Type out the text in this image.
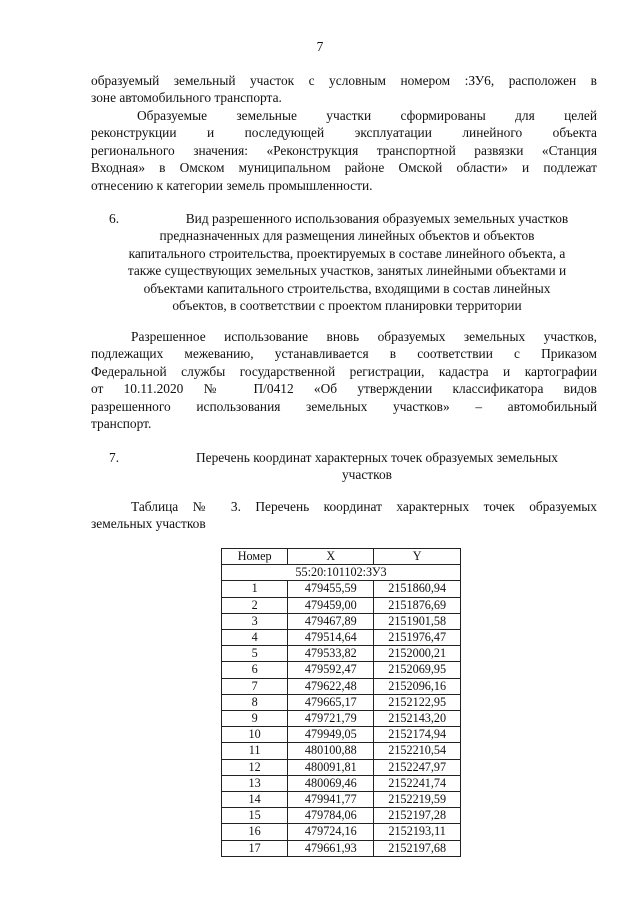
7

образуемый земельный участок с условным номером :ЗУ6, расположен в

зоне автомобильного транспорта.

Образуемые земельные участки сформированы для целей

реконструкции и последующей эксплуатации линейного объекта

регионального значения: «Реконструкция транспортной развязки «Станция

Входная» в Омском муниципальном районе Омской области» и подлежат

отнесению к категории земель промышленности.

6.	Вид разрешенного использования образуемых земельных участков
предназначенных для размещения линейных объектов и объектов
капитального строительства, проектируемых в составе линейного объекта, а
также существующих земельных участков, занятых линейными объектами и
объектами капитального строительства, входящими в состав линейных
объектов, в соответствии с проектом планировки территории

Разрешенное использование вновь образуемых земельных участков,

подлежащих межеванию, устанавливается в соответствии с Приказом

Федеральной службы государственной регистрации, кадастра и картографии

от 10.11.2020 № П/0412 «Об утверждении классификатора видов

разрешенного использования земельных участков» – автомобильный

транспорт.

7.	Перечень координат характерных точек образуемых земельных
участков

Таблица № 3. Перечень координат характерных точек образуемых

земельных участков

Номер	X	Y
55:20:101102:ЗУ3		
1	479455,59	2151860,94
2	479459,00	2151876,69
3	479467,89	2151901,58
4	479514,64	2151976,47
5	479533,82	2152000,21
6	479592,47	2152069,95
7	479622,48	2152096,16
8	479665,17	2152122,95
9	479721,79	2152143,20
10	479949,05	2152174,94
11	480100,88	2152210,54
12	480091,81	2152247,97
13	480069,46	2152241,74
14	479941,77	2152219,59
15	479784,06	2152197,28
16	479724,16	2152193,11
17	479661,93	2152197,68
